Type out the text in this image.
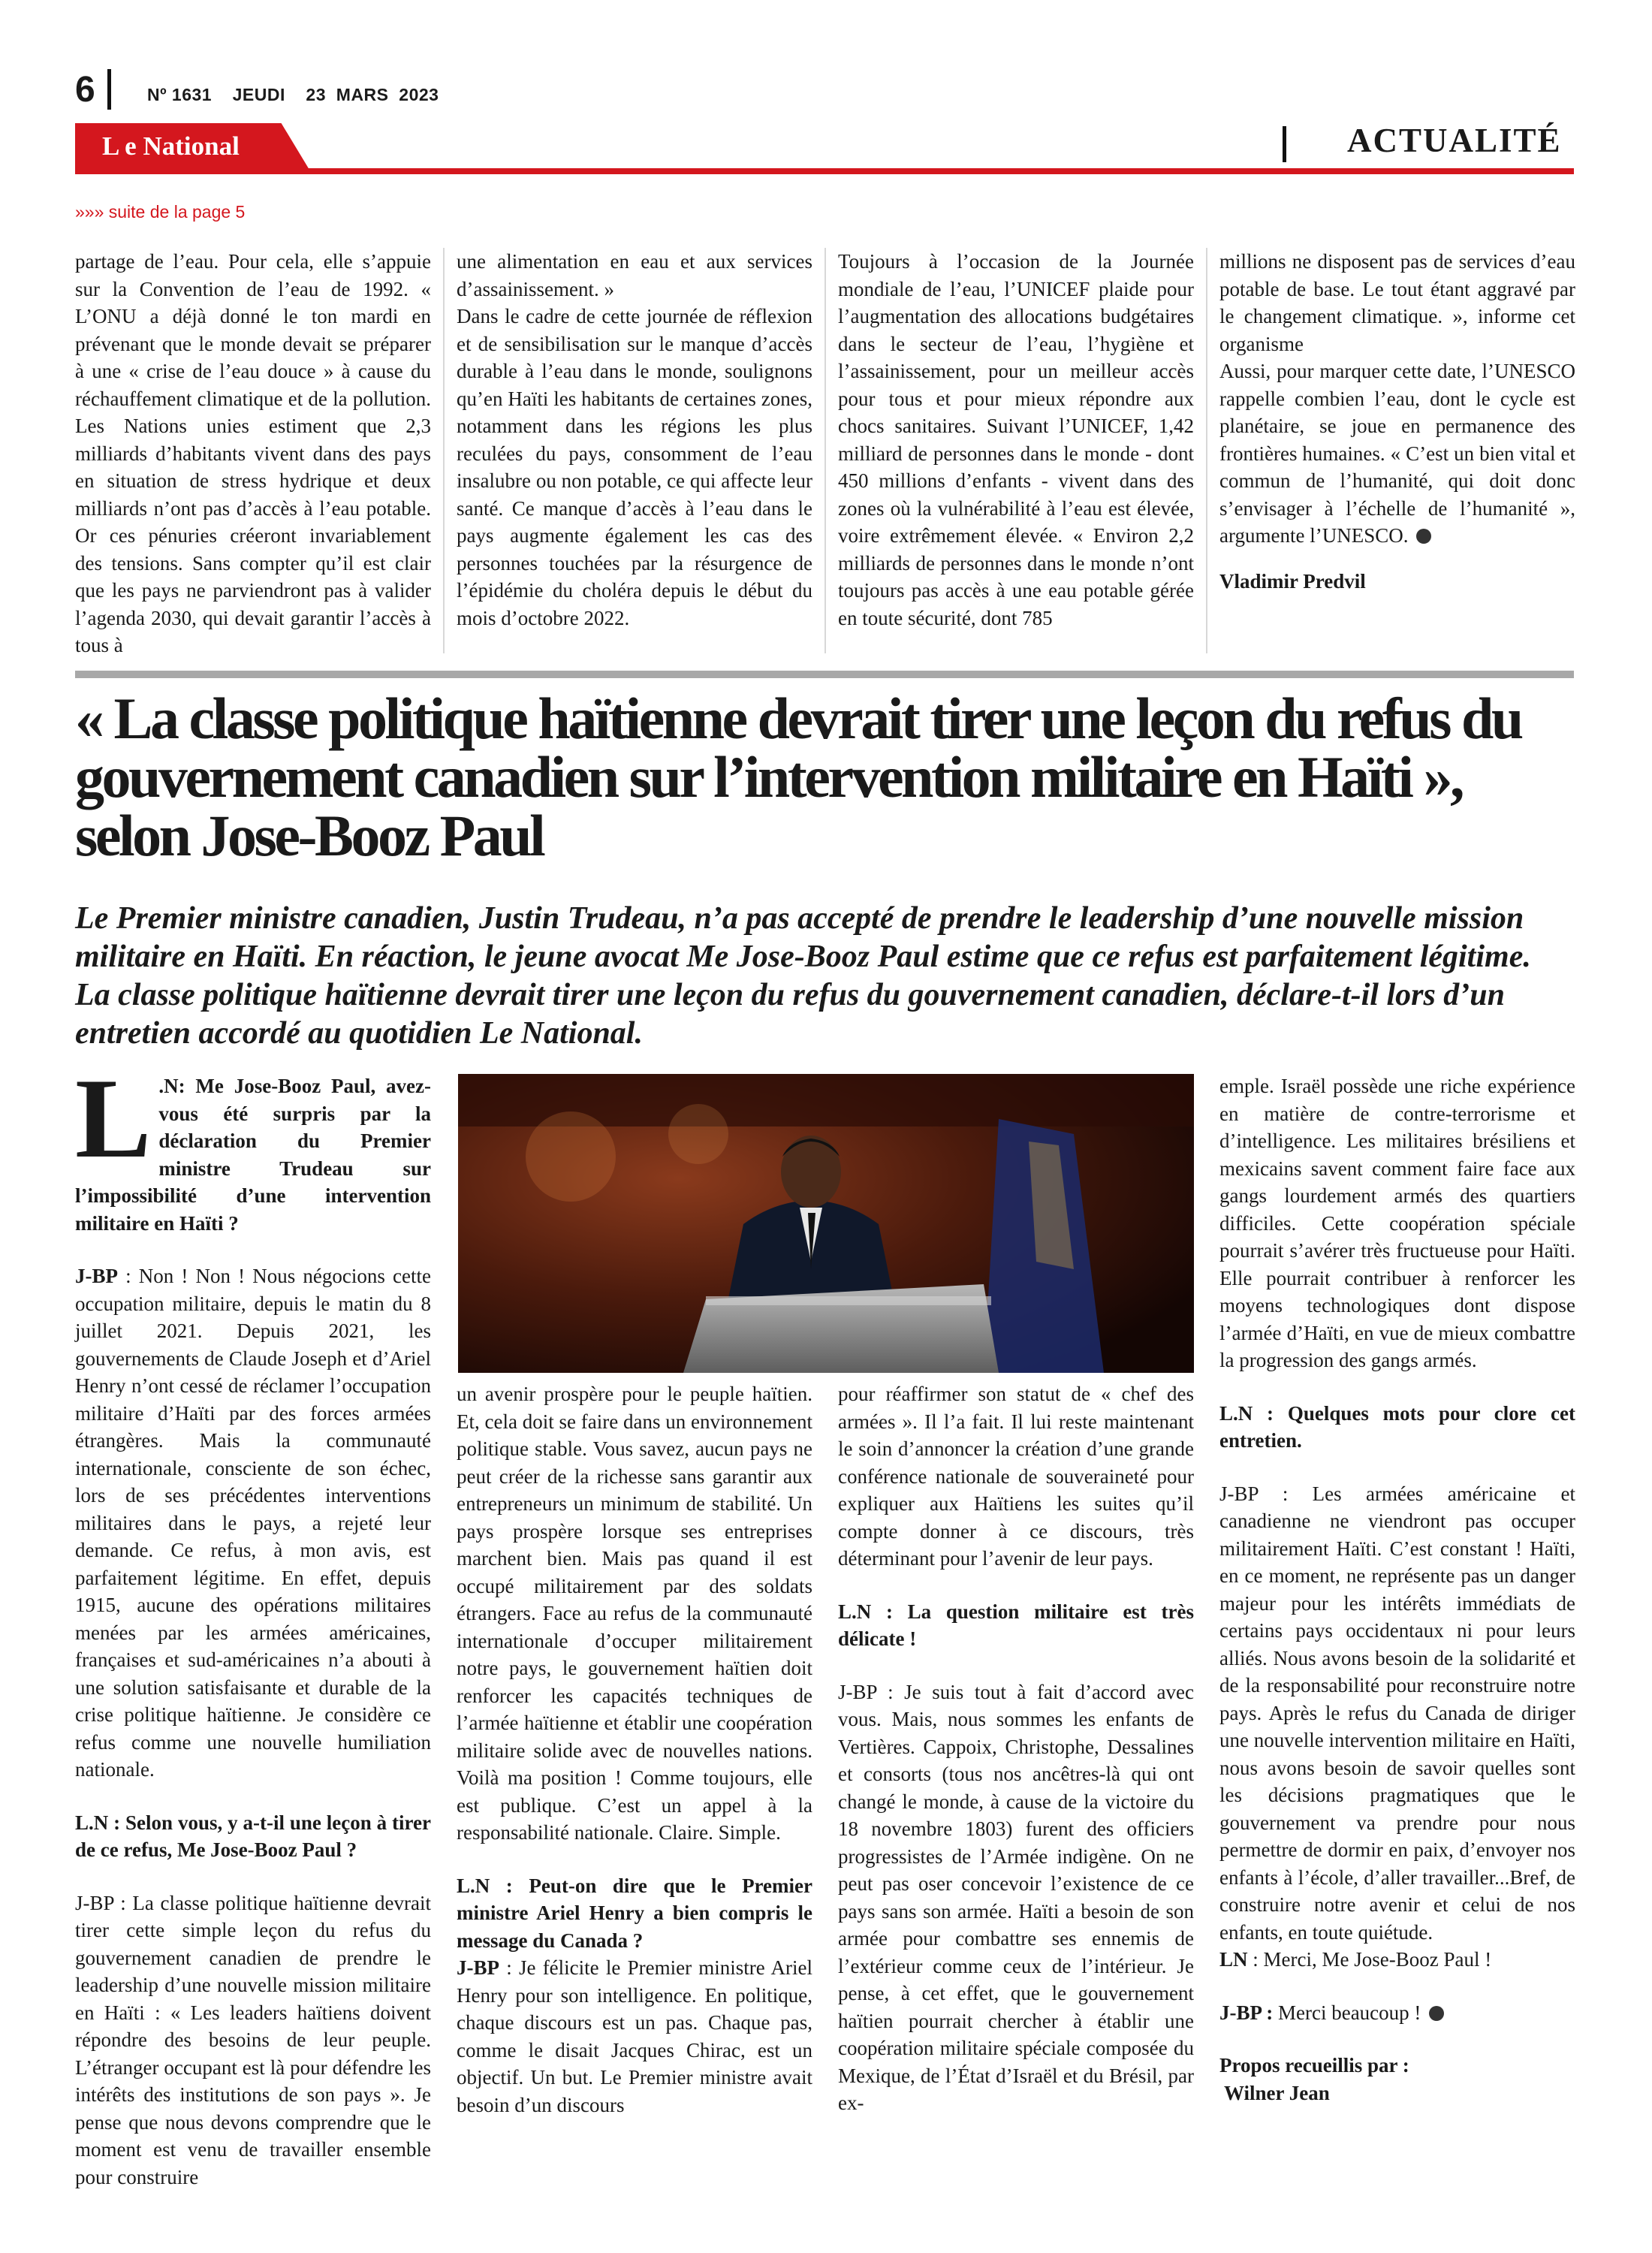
6	Nº 1631    JEUDI    23  MARS  2023
L e National	ACTUALITÉ
»»» suite de la page 5

partage de l’eau. Pour cela, elle s’appuie sur la Convention de l’eau de 1992. « L’ONU a déjà donné le ton mardi en prévenant que le monde devait se préparer à une « crise de l’eau douce » à cause du réchauffement climatique et de la pollution. Les Nations unies estiment que 2,3 milliards d’habitants vivent dans des pays en situation de stress hydrique et deux milliards n’ont pas d’accès à l’eau potable. Or ces pénuries créeront invariablement des tensions. Sans compter qu’il est clair que les pays ne parviendront pas à valider l’agenda 2030, qui devait garantir l’accès à tous à

une alimentation en eau et aux services d’assainissement. »

Dans le cadre de cette journée de réflexion et de sensibilisation sur le manque d’accès durable à l’eau dans le monde, soulignons qu’en Haïti les habitants de certaines zones, notamment dans les régions les plus reculées du pays, consomment de l’eau insalubre ou non potable, ce qui affecte leur santé. Ce manque d’accès à l’eau dans le pays augmente également les cas des personnes touchées par la résurgence de l’épidémie du choléra depuis le début du mois d’octobre 2022.

Toujours à l’occasion de la Journée mondiale de l’eau, l’UNICEF plaide pour l’augmentation des allocations budgétaires dans le secteur de l’eau, l’hygiène et l’assainissement, pour un meilleur accès pour tous et pour mieux répondre aux chocs sanitaires. Suivant l’UNICEF, 1,42 milliard de personnes dans le monde - dont 450 millions d’enfants - vivent dans des zones où la vulnérabilité à l’eau est élevée, voire extrêmement élevée. « Environ 2,2 milliards de personnes dans le monde n’ont toujours pas accès à une eau potable gérée en toute sécurité, dont 785

millions ne disposent pas de services d’eau potable de base. Le tout étant aggravé par le changement climatique. », informe cet organisme

Aussi, pour marquer cette date, l’UNESCO rappelle combien l’eau, dont le cycle est planétaire, se joue en permanence des frontières humaines. « C’est un bien vital et commun de l’humanité, qui doit donc s’envisager à l’échelle de l’humanité », argumente l’UNESCO.

Vladimir Predvil

« La classe politique haïtienne devrait tirer une leçon du refus du gouvernement canadien sur l’intervention militaire en Haïti », selon Jose-Booz Paul
Le Premier ministre canadien, Justin Trudeau, n’a pas accepté de prendre le leadership d’une nouvelle mission militaire en Haïti. En réaction, le jeune avocat Me Jose-Booz Paul estime que ce refus est parfaitement légitime. La classe politique haïtienne devrait tirer une leçon du refus du gouvernement canadien, déclare-t-il lors d’un entretien accordé au quotidien Le National.

L .N: Me Jose-Booz Paul, avez-vous été surpris par la déclaration du Premier ministre Trudeau sur l’impossibilité d’une intervention militaire en Haïti ?

J-BP : Non ! Non ! Nous négocions cette occupation militaire, depuis le matin du 8 juillet 2021. Depuis 2021, les gouvernements de Claude Joseph et d’Ariel Henry n’ont cessé de réclamer l’occupation militaire d’Haïti par des forces armées étrangères. Mais la communauté internationale, consciente de son échec, lors de ses précédentes interventions militaires dans le pays, a rejeté leur demande. Ce refus, à mon avis, est parfaitement légitime. En effet, depuis 1915, aucune des opérations militaires menées par les armées américaines, françaises et sud-américaines n’a abouti à une solution satisfaisante et durable de la crise politique haïtienne. Je considère ce refus comme une nouvelle humiliation nationale.

L.N : Selon vous, y a-t-il une leçon à tirer de ce refus, Me Jose-Booz Paul ?

J-BP : La classe politique haïtienne devrait tirer cette simple leçon du refus du gouvernement canadien de prendre le leadership d’une nouvelle mission militaire en Haïti : « Les leaders haïtiens doivent répondre des besoins de leur peuple. L’étranger occupant est là pour défendre les intérêts des institutions de son pays ». Je pense que nous devons comprendre que le moment est venu de travailler ensemble pour construire

un avenir prospère pour le peuple haïtien. Et, cela doit se faire dans un environnement politique stable. Vous savez, aucun pays ne peut créer de la richesse sans garantir aux entrepreneurs un minimum de stabilité. Un pays prospère lorsque ses entreprises marchent bien. Mais pas quand il est occupé militairement par des soldats étrangers. Face au refus de la communauté internationale d’occuper militairement notre pays, le gouvernement haïtien doit renforcer les capacités techniques de l’armée haïtienne et établir une coopération militaire solide avec de nouvelles nations. Voilà ma position ! Comme toujours, elle est publique. C’est un appel à la responsabilité nationale. Claire. Simple.

L.N : Peut-on dire que le Premier ministre Ariel Henry a bien compris le message du Canada ?

J-BP : Je félicite le Premier ministre Ariel Henry pour son intelligence. En politique, chaque discours est un pas. Chaque pas, comme le disait Jacques Chirac, est un objectif. Un but. Le Premier ministre avait besoin d’un discours

pour réaffirmer son statut de « chef des armées ». Il l’a fait. Il lui reste maintenant le soin d’annoncer la création d’une grande conférence nationale de souveraineté pour expliquer aux Haïtiens les suites qu’il compte donner à ce discours, très déterminant pour l’avenir de leur pays.

L.N : La question militaire est très délicate !

J-BP : Je suis tout à fait d’accord avec vous. Mais, nous sommes les enfants de Vertières. Cappoix, Christophe, Dessalines et consorts (tous nos ancêtres-là qui ont changé le monde, à cause de la victoire du 18 novembre 1803) furent des officiers progressistes de l’Armée indigène. On ne peut pas oser concevoir l’existence de ce pays sans son armée. Haïti a besoin de son armée pour combattre ses ennemis de l’extérieur comme ceux de l’intérieur. Je pense, à cet effet, que le gouvernement haïtien pourrait chercher à établir une coopération militaire spéciale composée du Mexique, de l’État d’Israël et du Brésil, par ex-

emple. Israël possède une riche expérience en matière de contre-terrorisme et d’intelligence. Les militaires brésiliens et mexicains savent comment faire face aux gangs lourdement armés des quartiers difficiles. Cette coopération spéciale pourrait s’avérer très fructueuse pour Haïti. Elle pourrait contribuer à renforcer les moyens technologiques dont dispose l’armée d’Haïti, en vue de mieux combattre la progression des gangs armés.

L.N : Quelques mots pour clore cet entretien.

J-BP : Les armées américaine et canadienne ne viendront pas occuper militairement Haïti. C’est constant ! Haïti, en ce moment, ne représente pas un danger majeur pour les intérêts immédiats de certains pays occidentaux ni pour leurs alliés. Nous avons besoin de la solidarité et de la responsabilité pour reconstruire notre pays. Après le refus du Canada de diriger une nouvelle intervention militaire en Haïti, nous avons besoin de savoir quelles sont les décisions pragmatiques que le gouvernement va prendre pour nous permettre de dormir en paix, d’envoyer nos enfants à l’école, d’aller travailler...Bref, de construire notre avenir et celui de nos enfants, en toute quiétude.

LN : Merci, Me Jose-Booz Paul !

J-BP : Merci beaucoup !

Propos recueillis par :

Wilner Jean
